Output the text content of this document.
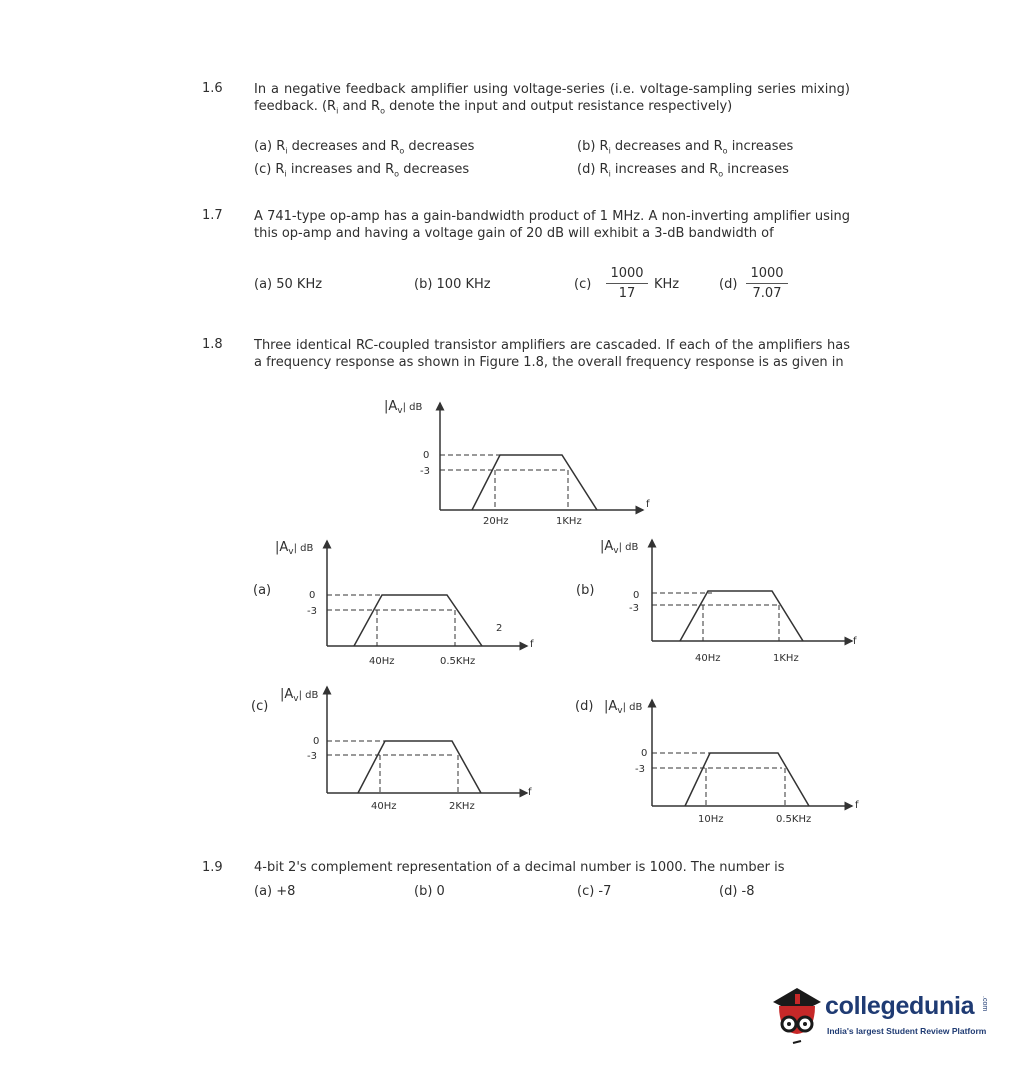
1.6 In a negative feedback amplifier using voltage-series (i.e. voltage-sampling series mixing) feedback. ($R_i$ and $R_o$ denote the input and output resistance respectively)
(a) $R_i$ decreases and $R_o$ decreases	(b) $R_i$ decreases and $R_o$ increases
(c) $R_i$ increases and $R_o$ decreases	(d) $R_i$ increases and $R_o$ increases
1.7 A 741-type op-amp has a gain-bandwidth product of 1 MHz. A non-inverting amplifier using this op-amp and having a voltage gain of 20 dB will exhibit a 3-dB bandwidth of
(a) 50 KHz	(b) 100 KHz	$(c) \frac{1000}{17}$ KHz	$(d) \frac{1000}{7.07}$
1.8 Three identical RC-coupled transistor amplifiers are cascaded. If each of the amplifiers has a frequency response as shown in Figure 1.8, the overall frequency response is as given in
$|A_v^{| dB}$
f
0
-3
20Hz	1KHz
(a)
$|A_v^{| dB}$
f
0
-3
2
40Hz	0.5KHz
(b)
$|A_v^{| dB}$
f
0
-3
40Hz	1KHz
(c)
$|A_v^{| dB}$
f
0
-3
40Hz	2KHz
(d) $|A_v^{| dB}$
f
0
-3
10Hz	0.5KHz
1.9 4-bit 2's complement representation of a decimal number is 1000. The number is
(a) +8	(b) 0	(c) -7	(d) -8
collegedunia .com
India's largest Student Review Platform
